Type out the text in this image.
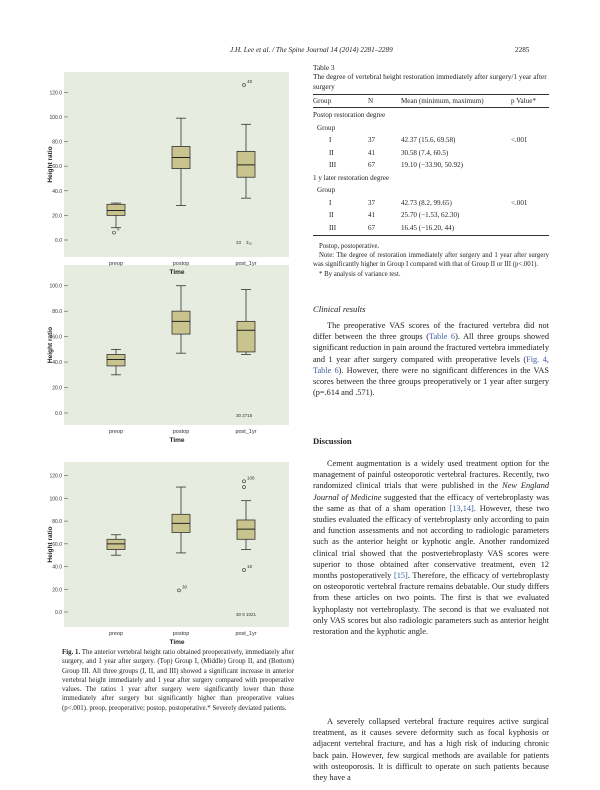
J.H. Lee et al. / The Spine Journal 14 (2014) 2281–2289	2285
0.0
20.0
40.0
60.0
80.0
100.0
120.0
Height ratio
6
48
33 3₁₆
preop	postop	post_1yr
Time
0.0
20.0
40.0
60.0
80.0
100.0
Height ratio
30 2715
preop	postop	post_1yr
Time
0.0
20.0
40.0
60.0
80.0
100.0
120.0
Height ratio
30
108
18
30 9 1021
preop	postop	post_1yr
Time
Fig. 1. The anterior vertebral height ratio obtained preoperatively, immediately after surgery, and 1 year after surgery. (Top) Group I, (Middle) Group II, and (Bottom) Group III. All three groups (I, II, and III) showed a significant increase in anterior vertebral height immediately and 1 year after surgery compared with preoperative values. The ratios 1 year after surgery were significantly lower than those immediately after surgery but significantly higher than preoperative values (p<.001). preop, preoperative; postop, postoperative.* Severely deviated patients.
Table 3
The degree of vertebral height restoration immediately after surgery/1 year after surgery
Group	N	Mean (minimum, maximum)	p Value*
Postop restoration degree
Group
I	37	42.37 (15.6, 69.58)	<.001
II	41	30.58 (7.4, 60.5)
III	67	19.10 (−33.90, 50.92)
1 y later restoration degree
Group
I	37	42.73 (8.2, 99.65)	<.001
II	41	25.70 (−1.53, 62.30)
III	67	16.45 (−16.20, 44)
Postop, postoperative.
Note: The degree of restoration immediately after surgery and 1 year after surgery was significantly higher in Group I compared with that of Group II or III (p<.001).
* By analysis of variance test.
Clinical results
The preoperative VAS scores of the fractured vertebra did not differ between the three groups (Table 6). All three groups showed significant reduction in pain around the fractured vertebra immediately and 1 year after surgery compared with preoperative levels (Fig. 4, Table 6). However, there were no significant differences in the VAS scores between the three groups preoperatively or 1 year after surgery (p=.614 and .571).
Discussion
Cement augmentation is a widely used treatment option for the management of painful osteoporotic vertebral fractures. Recently, two randomized clinical trials that were published in the New England Journal of Medicine suggested that the efficacy of vertebroplasty was the same as that of a sham operation [13,14]. However, these two studies evaluated the efficacy of vertebroplasty only according to pain and function assessments and not according to radiologic parameters such as the anterior height or kyphotic angle. Another randomized clinical trial showed that the postvertebroplasty VAS scores were superior to those obtained after conservative treatment, even 12 months postoperatively [15]. Therefore, the efficacy of vertebroplasty on osteoporotic vertebral fracture remains debatable. Our study differs from these articles on two points. The first is that we evaluated kyphoplasty not vertebroplasty. The second is that we evaluated not only VAS scores but also radiologic parameters such as anterior height restoration and the kyphotic angle.
A severely collapsed vertebral fracture requires active surgical treatment, as it causes severe deformity such as focal kyphosis or adjacent vertebral fracture, and has a high risk of inducing chronic back pain. However, few surgical methods are available for patients with osteoporosis. It is difficult to operate on such patients because they have a
